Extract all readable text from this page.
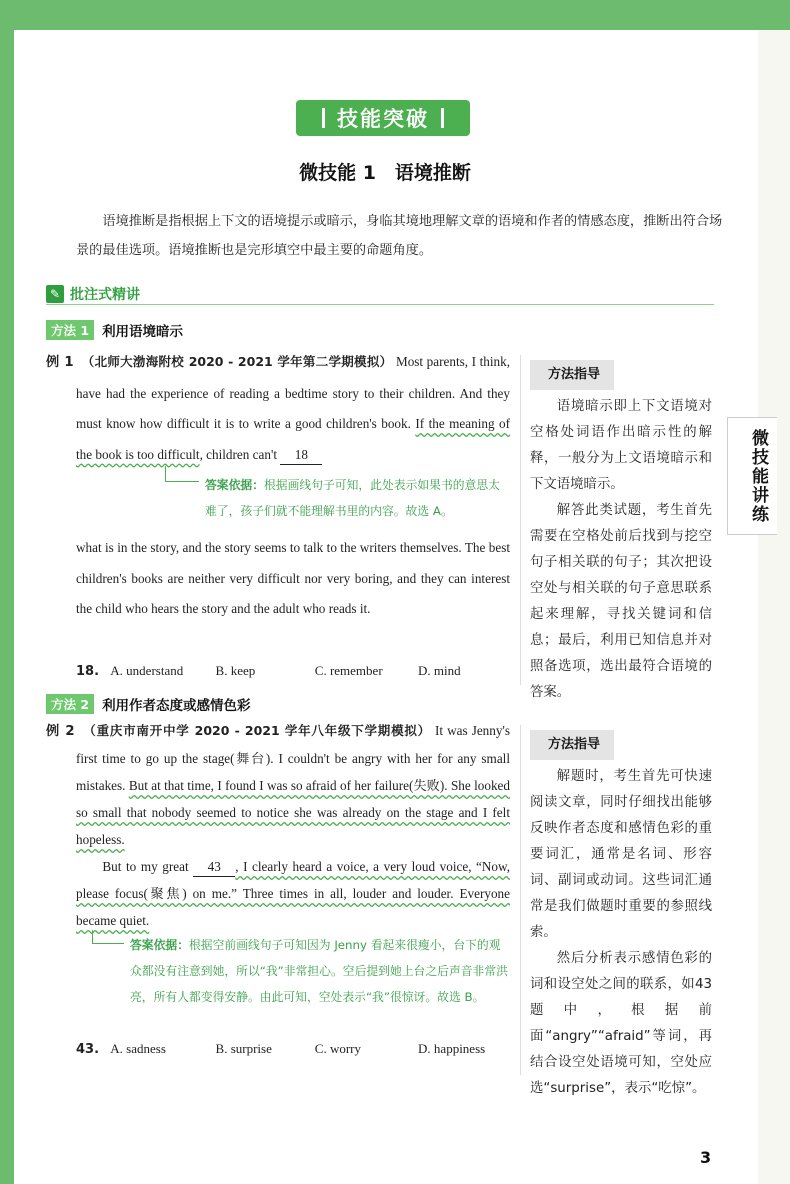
微技能讲练
技能突破
微技能 1　语境推断

语境推断是指根据上下文的语境提示或暗示，身临其境地理解文章的语境和作者的情感态度，推断出符合场景的最佳选项。语境推断也是完形填空中最主要的命题角度。

✎ 批注式精讲
方法 1 利用语境暗示
例 1 （北师大渤海附校 2020 - 2021 学年第二学期模拟） Most parents, I think, have had the experience of reading a bedtime story to their children. And they must know how difficult it is to write a good children's book. If the meaning of the book is too difficult, children can't 18
答案依据：根据画线句子可知，此处表示如果书的意思太难了，孩子们就不能理解书里的内容。故选 A。
what is in the story, and the story seems to talk to the writers themselves. The best children's books are neither very difficult nor very boring, and they can interest the child who hears the story and the adult who reads it.
18. A. understand B. keep	C. remember	D. mind
方法 2 利用作者态度或感情色彩
例 2 （重庆市南开中学 2020 - 2021 学年八年级下学期模拟） It was Jenny's first time to go up the stage(舞台). I couldn't be angry with her for any small mistakes. But at that time, I found I was so afraid of her failure(失败). She looked so small that nobody seemed to notice she was already on the stage and I felt hopeless.
But to my great 43 , I clearly heard a voice, a very loud voice, “Now, please focus(聚焦) on me.” Three times in all, louder and louder. Everyone became quiet.
答案依据：根据空前画线句子可知因为 Jenny 看起来很瘦小，台下的观众都没有注意到她，所以“我”非常担心。空后提到她上台之后声音非常洪亮，所有人都变得安静。由此可知，空处表示“我”很惊讶。故选 B。
43. A. sadness	B. surprise	C. worry	D. happiness
方法指导

语境暗示即上下文语境对空格处词语作出暗示性的解释，一般分为上文语境暗示和下文语境暗示。

解答此类试题，考生首先需要在空格处前后找到与挖空句子相关联的句子；其次把设空处与相关联的句子意思联系起来理解，寻找关键词和信息；最后，利用已知信息并对照备选项，选出最符合语境的答案。

方法指导

解题时，考生首先可快速阅读文章，同时仔细找出能够反映作者态度和感情色彩的重要词汇，通常是名词、形容词、副词或动词。这些词汇通常是我们做题时重要的参照线索。

然后分析表示感情色彩的词和设空处之间的联系，如43题中，根据前面“angry”“afraid”等词，再结合设空处语境可知，空处应选“surprise”，表示“吃惊”。

3
